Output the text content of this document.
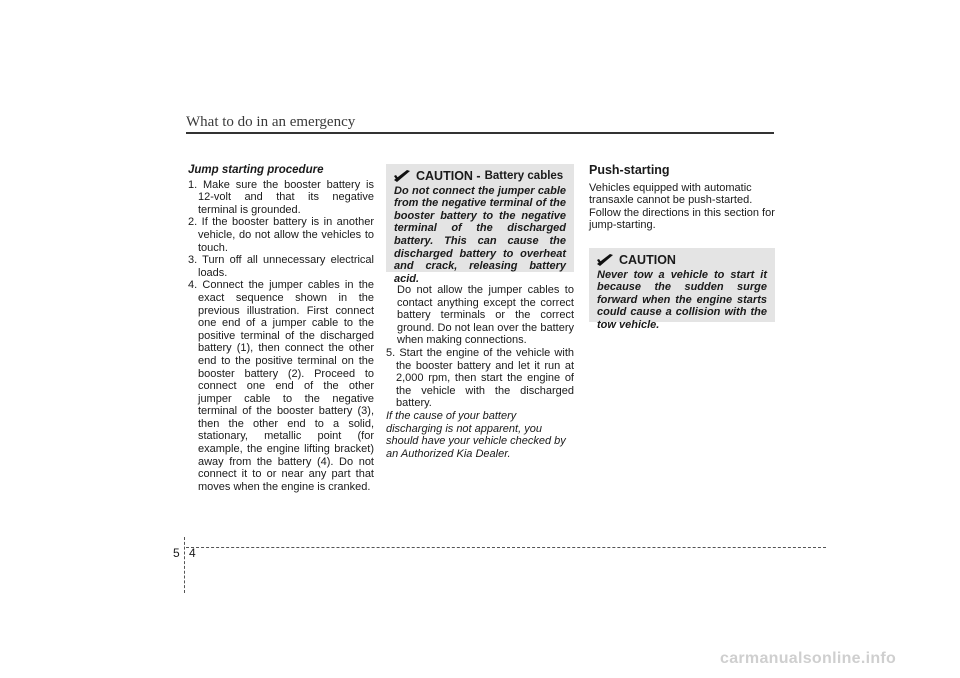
What to do in an emergency
Jump starting procedure
1. Make sure the booster battery is 12-volt and that its negative terminal is grounded.
2. If the booster battery is in another vehicle, do not allow the vehicles to touch.
3. Turn off all unnecessary electrical loads.
4. Connect the jumper cables in the exact sequence shown in the previous illustration. First connect one end of a jumper cable to the positive terminal of the discharged battery (1), then connect the other end to the positive terminal on the booster battery (2). Proceed to connect one end of the other jumper cable to the negative terminal of the booster battery (3), then the other end to a solid, stationary, metallic point (for example, the engine lifting bracket) away from the battery (4). Do not connect it to or near any part that moves when the engine is cranked.
CAUTION - Battery cables
Do not connect the jumper cable from the negative terminal of the booster battery to the negative terminal of the discharged battery. This can cause the discharged battery to overheat and crack, releasing battery acid.

Do not allow the jumper cables to contact anything except the correct battery terminals or the correct ground. Do not lean over the battery when making connections.

5. Start the engine of the vehicle with the booster battery and let it run at 2,000 rpm, then start the engine of the vehicle with the discharged battery.

If the cause of your battery discharging is not apparent, you should have your vehicle checked by an Authorized Kia Dealer.

Push-starting

Vehicles equipped with automatic transaxle cannot be push-started.

Follow the directions in this section for jump-starting.

CAUTION
Never tow a vehicle to start it because the sudden surge forward when the engine starts could cause a collision with the tow vehicle.
5 4
carmanualsonline.info
